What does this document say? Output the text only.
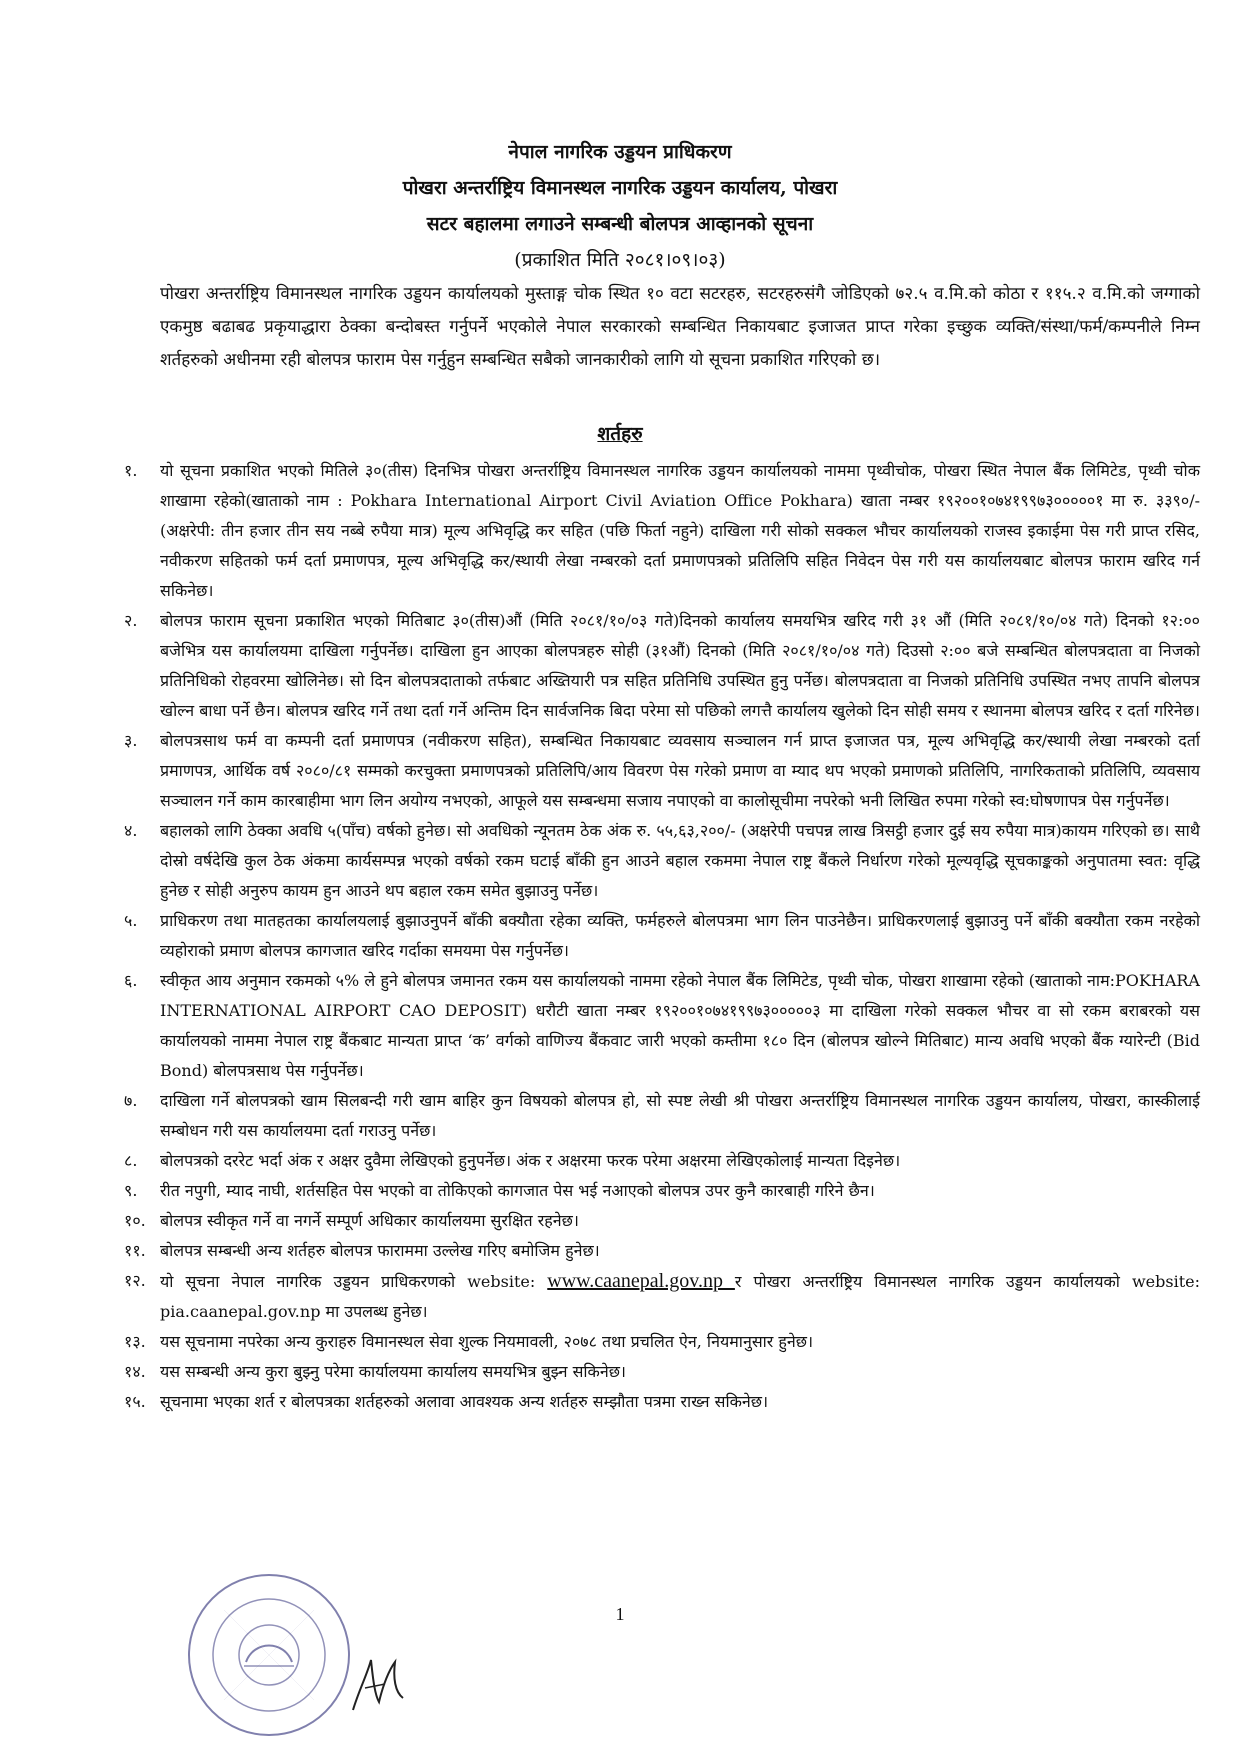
नेपाल नागरिक उड्डयन प्राधिकरण
पोखरा अन्तर्राष्ट्रिय विमानस्थल नागरिक उड्डयन कार्यालय, पोखरा
सटर बहालमा लगाउने सम्बन्धी बोलपत्र आव्हानको सूचना
(प्रकाशित मिति २०८१।०९।०३)

पोखरा अन्तर्राष्ट्रिय विमानस्थल नागरिक उड्डयन कार्यालयको मुस्ताङ्ग चोक स्थित १० वटा सटरहरु, सटरहरुसंगै जोडिएको ७२.५ व.मि.को कोठा र ११५.२ व.मि.को जग्गाको एकमुष्ठ बढाबढ प्रकृयाद्धारा ठेक्का बन्दोबस्त गर्नुपर्ने भएकोले नेपाल सरकारको सम्बन्धित निकायबाट इजाजत प्राप्त गरेका इच्छुक व्यक्ति/संस्था/फर्म/कम्पनीले निम्न शर्तहरुको अधीनमा रही बोलपत्र फाराम पेस गर्नुहुन सम्बन्धित सबैको जानकारीको लागि यो सूचना प्रकाशित गरिएको छ।

शर्तहरु
१.	यो सूचना प्रकाशित भएको मितिले ३०(तीस) दिनभित्र पोखरा अन्तर्राष्ट्रिय विमानस्थल नागरिक उड्डयन कार्यालयको नाममा पृथ्वीचोक, पोखरा स्थित नेपाल बैंक लिमिटेड, पृथ्वी चोक शाखामा रहेको(खाताको नाम : Pokhara International Airport Civil Aviation Office Pokhara) खाता नम्बर १९२००१०७४१९९७३०००००१ मा रु. ३३९०/- (अक्षरेपी: तीन हजार तीन सय नब्बे रुपैया मात्र) मूल्य अभिवृद्धि कर सहित (पछि फिर्ता नहुने) दाखिला गरी सोको सक्कल भौचर कार्यालयको राजस्व इकाईमा पेस गरी प्राप्त रसिद, नवीकरण सहितको फर्म दर्ता प्रमाणपत्र, मूल्य अभिवृद्धि कर/स्थायी लेखा नम्बरको दर्ता प्रमाणपत्रको प्रतिलिपि सहित निवेदन पेस गरी यस कार्यालयबाट बोलपत्र फाराम खरिद गर्न सकिनेछ।
२.	बोलपत्र फाराम सूचना प्रकाशित भएको मितिबाट ३०(तीस)औं (मिति २०८१/१०/०३ गते)दिनको कार्यालय समयभित्र खरिद गरी ३१ औं (मिति २०८१/१०/०४ गते) दिनको १२:०० बजेभित्र यस कार्यालयमा दाखिला गर्नुपर्नेछ। दाखिला हुन आएका बोलपत्रहरु सोही (३१औं) दिनको (मिति २०८१/१०/०४ गते) दिउसो २:०० बजे सम्बन्धित बोलपत्रदाता वा निजको प्रतिनिधिको रोहवरमा खोलिनेछ। सो दिन बोलपत्रदाताको तर्फबाट अख्तियारी पत्र सहित प्रतिनिधि उपस्थित हुनु पर्नेछ। बोलपत्रदाता वा निजको प्रतिनिधि उपस्थित नभए तापनि बोलपत्र खोल्न बाधा पर्ने छैन। बोलपत्र खरिद गर्ने तथा दर्ता गर्ने अन्तिम दिन सार्वजनिक बिदा परेमा सो पछिको लगत्तै कार्यालय खुलेको दिन सोही समय र स्थानमा बोलपत्र खरिद र दर्ता गरिनेछ।
३.	बोलपत्रसाथ फर्म वा कम्पनी दर्ता प्रमाणपत्र (नवीकरण सहित), सम्बन्धित निकायबाट व्यवसाय सञ्चालन गर्न प्राप्त इजाजत पत्र, मूल्य अभिवृद्धि कर/स्थायी लेखा नम्बरको दर्ता प्रमाणपत्र, आर्थिक वर्ष २०८०/८१ सम्मको करचुक्ता प्रमाणपत्रको प्रतिलिपि/आय विवरण पेस गरेको प्रमाण वा म्याद थप भएको प्रमाणको प्रतिलिपि, नागरिकताको प्रतिलिपि, व्यवसाय सञ्चालन गर्ने काम कारबाहीमा भाग लिन अयोग्य नभएको, आफूले यस सम्बन्धमा सजाय नपाएको वा कालोसूचीमा नपरेको भनी लिखित रुपमा गरेको स्व:घोषणापत्र पेस गर्नुपर्नेछ।
४.	बहालको लागि ठेक्का अवधि ५(पाँच) वर्षको हुनेछ। सो अवधिको न्यूनतम ठेक अंक रु. ५५,६३,२००/- (अक्षरेपी पचपन्न लाख त्रिसट्ठी हजार दुई सय रुपैया मात्र)कायम गरिएको छ। साथै दोस्रो वर्षदेखि कुल ठेक अंकमा कार्यसम्पन्न भएको वर्षको रकम घटाई बाँकी हुन आउने बहाल रकममा नेपाल राष्ट्र बैंकले निर्धारण गरेको मूल्यवृद्धि सूचकाङ्कको अनुपातमा स्वत: वृद्धि हुनेछ र सोही अनुरुप कायम हुन आउने थप बहाल रकम समेत बुझाउनु पर्नेछ।
५.	प्राधिकरण तथा मातहतका कार्यालयलाई बुझाउनुपर्ने बाँकी बक्यौता रहेका व्यक्ति, फर्महरुले बोलपत्रमा भाग लिन पाउनेछैन। प्राधिकरणलाई बुझाउनु पर्ने बाँकी बक्यौता रकम नरहेको व्यहोराको प्रमाण बोलपत्र कागजात खरिद गर्दाका समयमा पेस गर्नुपर्नेछ।
६.	स्वीकृत आय अनुमान रकमको ५% ले हुने बोलपत्र जमानत रकम यस कार्यालयको नाममा रहेको नेपाल बैंक लिमिटेड, पृथ्वी चोक, पोखरा शाखामा रहेको (खाताको नाम:POKHARA INTERNATIONAL AIRPORT CAO DEPOSIT) धरौटी खाता नम्बर १९२००१०७४१९९७३०००००३ मा दाखिला गरेको सक्कल भौचर वा सो रकम बराबरको यस कार्यालयको नाममा नेपाल राष्ट्र बैंकबाट मान्यता प्राप्त ‘क’ वर्गको वाणिज्य बैंकवाट जारी भएको कम्तीमा १८० दिन (बोलपत्र खोल्ने मितिबाट) मान्य अवधि भएको बैंक ग्यारेन्टी (Bid Bond) बोलपत्रसाथ पेस गर्नुपर्नेछ।
७.	दाखिला गर्ने बोलपत्रको खाम सिलबन्दी गरी खाम बाहिर कुन विषयको बोलपत्र हो, सो स्पष्ट लेखी श्री पोखरा अन्तर्राष्ट्रिय विमानस्थल नागरिक उड्डयन कार्यालय, पोखरा, कास्कीलाई सम्बोधन गरी यस कार्यालयमा दर्ता गराउनु पर्नेछ।
८.	बोलपत्रको दररेट भर्दा अंक र अक्षर दुवैमा लेखिएको हुनुपर्नेछ। अंक र अक्षरमा फरक परेमा अक्षरमा लेखिएकोलाई मान्यता दिइनेछ।
९.	रीत नपुगी, म्याद नाघी, शर्तसहित पेस भएको वा तोकिएको कागजात पेस भई नआएको बोलपत्र उपर कुनै कारबाही गरिने छैन।
१०. बोलपत्र स्वीकृत गर्ने वा नगर्ने सम्पूर्ण अधिकार कार्यालयमा सुरक्षित रहनेछ।
११. बोलपत्र सम्बन्धी अन्य शर्तहरु बोलपत्र फाराममा उल्लेख गरिए बमोजिम हुनेछ।
१२. यो सूचना नेपाल नागरिक उड्डयन प्राधिकरणको website: www.caanepal.gov.np र पोखरा अन्तर्राष्ट्रिय विमानस्थल नागरिक उड्डयन कार्यालयको website: pia.caanepal.gov.np मा उपलब्ध हुनेछ।
१३. यस सूचनामा नपरेका अन्य कुराहरु विमानस्थल सेवा शुल्क नियमावली, २०७८ तथा प्रचलित ऐन, नियमानुसार हुनेछ।
१४. यस सम्बन्धी अन्य कुरा बुझ्नु परेमा कार्यालयमा कार्यालय समयभित्र बुझ्न सकिनेछ।
१५. सूचनामा भएका शर्त र बोलपत्रका शर्तहरुको अलावा आवश्यक अन्य शर्तहरु सम्झौता पत्रमा राख्न सकिनेछ।
1
